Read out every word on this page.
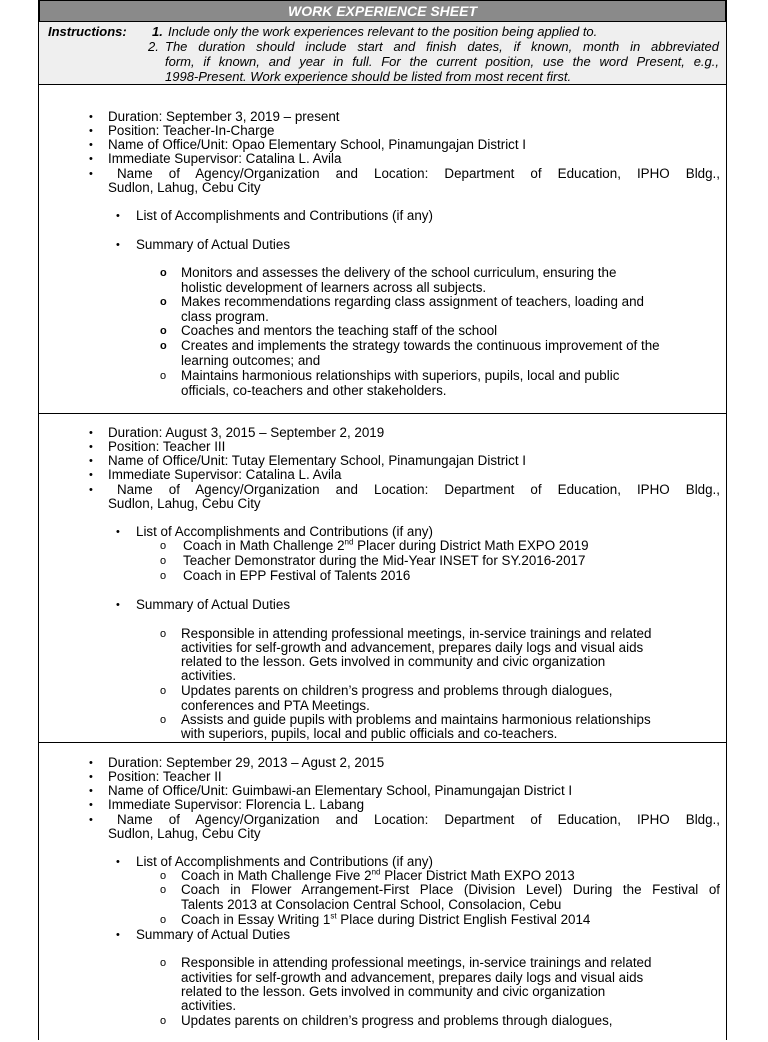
WORK EXPERIENCE SHEET
Instructions: 1. Include only the work experiences relevant to the position being applied to.
2. The duration should include start and finish dates, if known, month in abbreviated
form, if known, and year in full. For the current position, use the word Present, e.g.,
1998-Present. Work experience should be listed from most recent first.
• Duration: September 3, 2019 – present
• Position: Teacher-In-Charge
• Name of Office/Unit: Opao Elementary School, Pinamungajan District I
• Immediate Supervisor: Catalina L. Avila
• Name of Agency/Organization and Location: Department of Education, IPHO Bldg.,
Sudlon, Lahug, Cebu City
• List of Accomplishments and Contributions (if any)
• Summary of Actual Duties
o Monitors and assesses the delivery of the school curriculum, ensuring the
holistic development of learners across all subjects.
o Makes recommendations regarding class assignment of teachers, loading and
class program.
o Coaches and mentors the teaching staff of the school
o Creates and implements the strategy towards the continuous improvement of the
learning outcomes; and
o Maintains harmonious relationships with superiors, pupils, local and public
officials, co-teachers and other stakeholders.
• Duration: August 3, 2015 – September 2, 2019
• Position: Teacher III
• Name of Office/Unit: Tutay Elementary School, Pinamungajan District I
• Immediate Supervisor: Catalina L. Avila
• Name of Agency/Organization and Location: Department of Education, IPHO Bldg.,
Sudlon, Lahug, Cebu City
• List of Accomplishments and Contributions (if any)
o Coach in Math Challenge 2nd Placer during District Math EXPO 2019
o Teacher Demonstrator during the Mid-Year INSET for SY.2016-2017
o Coach in EPP Festival of Talents 2016
• Summary of Actual Duties
o Responsible in attending professional meetings, in-service trainings and related
activities for self-growth and advancement, prepares daily logs and visual aids
related to the lesson. Gets involved in community and civic organization
activities.
o Updates parents on children’s progress and problems through dialogues,
conferences and PTA Meetings.
o Assists and guide pupils with problems and maintains harmonious relationships
with superiors, pupils, local and public officials and co-teachers.
• Duration: September 29, 2013 – Agust 2, 2015
• Position: Teacher II
• Name of Office/Unit: Guimbawi-an Elementary School, Pinamungajan District I
• Immediate Supervisor: Florencia L. Labang
• Name of Agency/Organization and Location: Department of Education, IPHO Bldg.,
Sudlon, Lahug, Cebu City
• List of Accomplishments and Contributions (if any)
o Coach in Math Challenge Five 2nd Placer District Math EXPO 2013
o Coach in Flower Arrangement-First Place (Division Level) During the Festival of
Talents 2013 at Consolacion Central School, Consolacion, Cebu
o Coach in Essay Writing 1st Place during District English Festival 2014
• Summary of Actual Duties
o Responsible in attending professional meetings, in-service trainings and related
activities for self-growth and advancement, prepares daily logs and visual aids
related to the lesson. Gets involved in community and civic organization
activities.
o Updates parents on children’s progress and problems through dialogues,
